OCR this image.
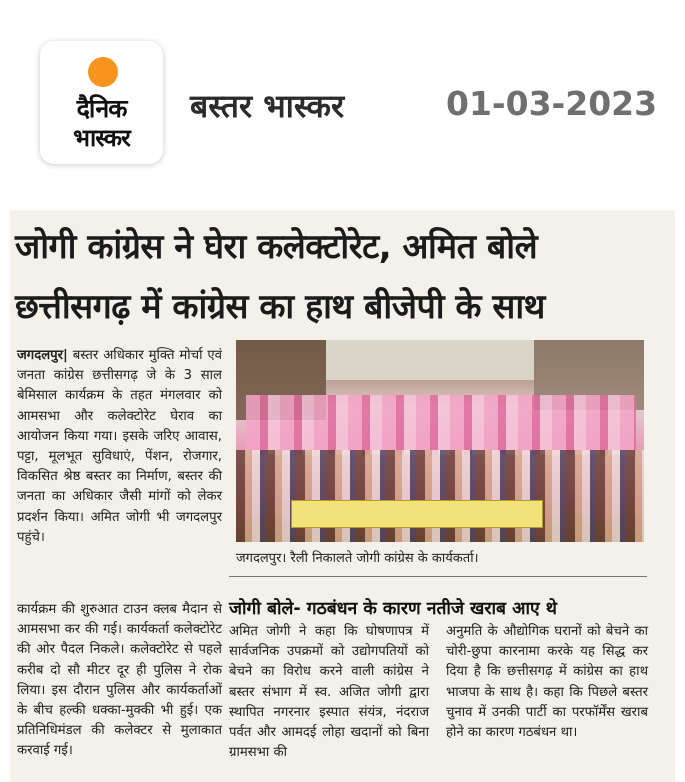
दैनिक
भास्कर
बस्तर भास्कर	01-03-2023
जोगी कांग्रेस ने घेरा कलेक्टोरेट, अमित बोले
छत्तीसगढ़ में कांग्रेस का हाथ बीजेपी के साथ

जगदलपुर| बस्तर अधिकार मुक्ति मोर्चा एवं जनता कांग्रेस छत्तीसगढ़ जे के 3 साल बेमिसाल कार्यक्रम के तहत मंगलवार को आमसभा और कलेक्टोरेट घेराव का आयोजन किया गया। इसके जरिए आवास, पट्टा, मूलभूत सुविधाएं, पेंशन, रोजगार, विकसित श्रेष्ठ बस्तर का निर्माण, बस्तर की जनता का अधिकार जैसी मांगों को लेकर प्रदर्शन किया। अमित जोगी भी जगदलपुर पहुंचे।

कार्यक्रम की शुरुआत टाउन क्लब मैदान से आमसभा कर की गई। कार्यकर्ता कलेक्टोरेट की ओर पैदल निकले। कलेक्टोरेट से पहले करीब दो सौ मीटर दूर ही पुलिस ने रोक लिया। इस दौरान पुलिस और कार्यकर्ताओं के बीच हल्की धक्का-मुक्की भी हुई। एक प्रतिनिधिमंडल की कलेक्टर से मुलाकात करवाई गई।

जगदलपुर। रैली निकालते जोगी कांग्रेस के कार्यकर्ता।
जोगी बोले- गठबंधन के कारण नतीजे खराब आए थे

अमित जोगी ने कहा कि घोषणापत्र में सार्वजनिक उपक्रमों को उद्योगपतियों को बेचने का विरोध करने वाली कांग्रेस ने बस्तर संभाग में स्व. अजित जोगी द्वारा स्थापित नगरनार इस्पात संयंत्र, नंदराज पर्वत और आमदई लोहा खदानों को बिना ग्रामसभा की

अनुमति के औद्योगिक घरानों को बेचने का चोरी-छुपा कारनामा करके यह सिद्ध कर दिया है कि छत्तीसगढ़ में कांग्रेस का हाथ भाजपा के साथ है। कहा कि पिछले बस्तर चुनाव में उनकी पार्टी का परफॉर्मेंस खराब होने का कारण गठबंधन था।
